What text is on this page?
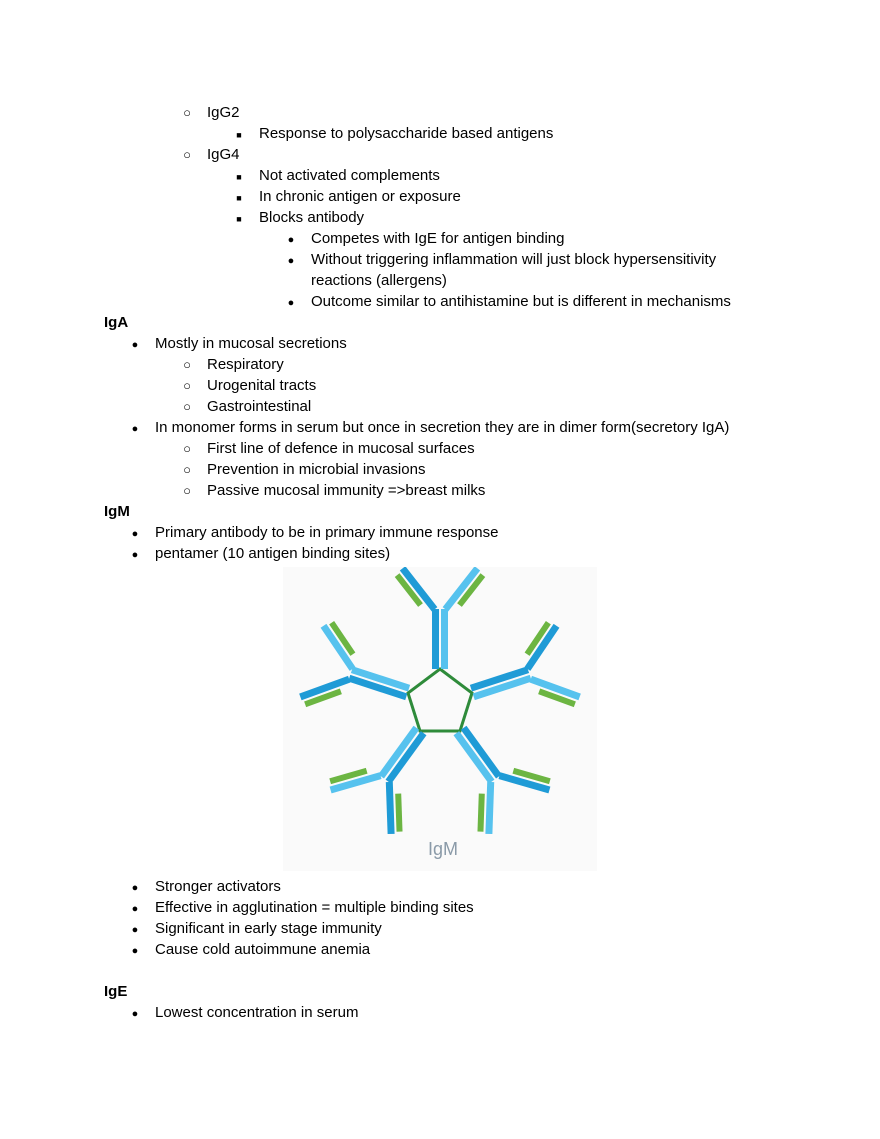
○
IgG2
■
Response to polysaccharide based antigens
○
IgG4
■
Not activated complements
■
In chronic antigen or exposure
■
Blocks antibody
●
Competes with IgE for antigen binding
●
Without triggering inflammation will just block hypersensitivity
reactions (allergens)
●
Outcome similar to antihistamine but is different in mechanisms
IgA
●
Mostly in mucosal secretions
○
Respiratory
○
Urogenital tracts
○
Gastrointestinal
●
In monomer forms in serum but once in secretion they are in dimer form(secretory IgA)
○
First line of defence in mucosal surfaces
○
Prevention in microbial invasions
○
Passive mucosal immunity =>breast milks
IgM
●
Primary antibody to be in primary immune response
●
pentamer (10 antigen binding sites)
IgM
●
Stronger activators
●
Effective in agglutination = multiple binding sites
●
Significant in early stage immunity
●
Cause cold autoimmune anemia
IgE
●
Lowest concentration in serum
